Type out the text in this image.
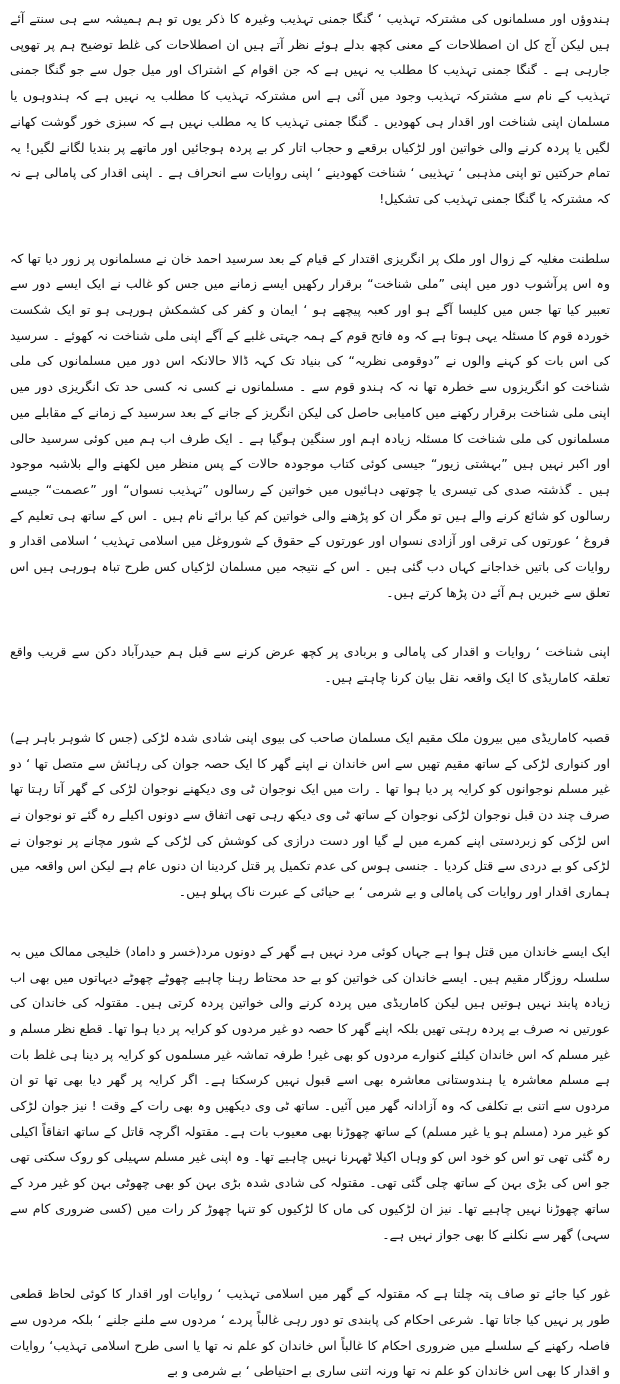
ہندوؤں اور مسلمانوں کی مشترکہ تہذیب ‘ گنگا جمنی تہذیب وغیرہ کا ذکر یوں تو ہم ہمیشہ سے ہی سنتے آئے ہیں لیکن آج کل ان اصطلاحات کے معنی کچھ بدلے ہوئے نظر آتے ہیں ان اصطلاحات کی غلط توضیح ہم پر تھوپی جارہی ہے ۔ گنگا جمنی تہذیب کا مطلب یہ نہیں ہے کہ جن اقوام کے اشتراک اور میل جول سے جو گنگا جمنی تہذیب کے نام سے مشترکہ تہذیب وجود میں آئی ہے اس مشترکہ تہذیب کا مطلب یہ نہیں ہے کہ ہندوہوں یا مسلمان اپنی شناخت اور اقدار ہی کھودیں ۔ گنگا جمنی تہذیب کا یہ مطلب نہیں ہے کہ سبزی خور گوشت کھانے لگیں یا پردہ کرنے والی خواتین اور لڑکیاں برقعے و حجاب اتار کر بے پردہ ہوجائیں اور ماتھے پر بندیا لگانے لگیں! یہ تمام حرکتیں تو اپنی مذہبی ‘ تہذیبی ‘ شناخت کھودینے ‘ اپنی روایات سے انحراف ہے ۔ اپنی اقدار کی پامالی ہے نہ کہ مشترکہ یا گنگا جمنی تہذیب کی تشکیل!

سلطنت مغلیہ کے زوال اور ملک پر انگریزی اقتدار کے قیام کے بعد سرسید احمد خان نے مسلمانوں پر زور دیا تھا کہ وہ اس پرآشوب دور میں اپنی ”ملی شناخت“ برقرار رکھیں ایسے زمانے میں جس کو غالب نے ایک ایسے دور سے تعبیر کیا تھا جس میں کلیسا آگے ہو اور کعبہ پیچھے ہو ‘ ایمان و کفر کی کشمکش ہورہی ہو تو ایک شکست خوردہ قوم کا مسئلہ یہی ہوتا ہے کہ وہ فاتح قوم کے ہمہ جہتی غلبے کے آگے اپنی ملی شناخت نہ کھوئے ۔ سرسید کی اس بات کو کہنے والوں نے ”دوقومی نظریہ“ کی بنیاد تک کہہ ڈالا حالانکہ اس دور میں مسلمانوں کی ملی شناخت کو انگریزوں سے خطرہ تھا نہ کہ ہندو قوم سے ۔ مسلمانوں نے کسی نہ کسی حد تک انگریزی دور میں اپنی ملی شناخت برقرار رکھنے میں کامیابی حاصل کی لیکن انگریز کے جانے کے بعد سرسید کے زمانے کے مقابلے میں مسلمانوں کی ملی شناخت کا مسئلہ زیادہ اہم اور سنگین ہوگیا ہے ۔ ایک طرف اب ہم میں کوئی سرسید حالی اور اکبر نہیں ہیں ”بہشتی زیور“ جیسی کوئی کتاب موجودہ حالات کے پس منظر میں لکھنے والے بلاشبہ موجود ہیں ۔ گذشتہ صدی کی تیسری یا چوتھی دہائیوں میں خواتین کے رسالوں ”تہذیب نسواں“ اور ”عصمت“ جیسے رسالوں کو شائع کرنے والے ہیں تو مگر ان کو پڑھنے والی خواتین کم کیا برائے نام ہیں ۔ اس کے ساتھ ہی تعلیم کے فروغ ‘ عورتوں کی ترقی اور آزادی نسواں اور عورتوں کے حقوق کے شوروغل میں اسلامی تہذیب ‘ اسلامی اقدار و روایات کی باتیں خداجانے کہاں دب گئی ہیں ۔ اس کے نتیجہ میں مسلمان لڑکیاں کس طرح تباہ ہورہی ہیں اس تعلق سے خبریں ہم آئے دن پڑھا کرتے ہیں۔

اپنی شناخت ‘ روایات و اقدار کی پامالی و بربادی پر کچھ عرض کرنے سے قبل ہم حیدرآباد دکن سے قریب واقع تعلقہ کاماریڈی کا ایک واقعہ نقل بیان کرنا چاہتے ہیں۔

قصبہ کاماریڈی میں بیرون ملک مقیم ایک مسلمان صاحب کی بیوی اپنی شادی شدہ لڑکی (جس کا شوہر باہر ہے) اور کنواری لڑکی کے ساتھ مقیم تھیں سے اس خاندان نے اپنے گھر کا ایک حصہ جوان کی رہائش سے متصل تھا ‘ دو غیر مسلم نوجوانوں کو کرایہ پر دیا ہوا تھا ۔ رات میں ایک نوجوان ٹی وی دیکھنے نوجوان لڑکی کے گھر آتا رہتا تھا صرف چند دن قبل نوجوان لڑکی نوجوان کے ساتھ ٹی وی دیکھ رہی تھی اتفاق سے دونوں اکیلے رہ گئے تو نوجوان نے اس لڑکی کو زبردستی اپنے کمرے میں لے گیا اور دست درازی کی کوشش کی لڑکی کے شور مچانے پر نوجوان نے لڑکی کو بے دردی سے قتل کردیا ۔ جنسی ہوس کی عدم تکمیل پر قتل کردینا ان دنوں عام ہے لیکن اس واقعہ میں ہماری اقدار اور روایات کی پامالی و بے شرمی ‘ بے حیائی کے عبرت ناک پہلو ہیں۔

ایک ایسے خاندان میں قتل ہوا ہے جہاں کوئی مرد نہیں ہے گھر کے دونوں مرد(خسر و داماد) خلیجی ممالک میں بہ سلسلہ روزگار مقیم ہیں۔ ایسے خاندان کی خواتین کو بے حد محتاط رہنا چاہیے چھوٹے چھوٹے دیہاتوں میں بھی اب زیادہ پابند نہیں ہوتیں ہیں لیکن کاماریڈی میں پردہ کرنے والی خواتین پردہ کرتی ہیں۔ مقتولہ کی خاندان کی عورتیں نہ صرف بے پردہ رہتی تھیں بلکہ اپنے گھر کا حصہ دو غیر مردوں کو کرایہ پر دیا ہوا تھا۔ قطع نظر مسلم و غیر مسلم کہ اس خاندان کیلئے کنوارے مردوں کو بھی غیر! طرفہ تماشہ غیر مسلموں کو کرایہ پر دینا ہی غلط بات ہے مسلم معاشرہ یا ہندوستانی معاشرہ بھی اسے قبول نہیں کرسکتا ہے۔ اگر کرایہ پر گھر دیا بھی تھا تو ان مردوں سے اتنی بے تکلفی کہ وہ آزادانہ گھر میں آئیں۔ ساتھ ٹی وی دیکھیں وہ بھی رات کے وقت ! نیز جوان لڑکی کو غیر مرد (مسلم ہو یا غیر مسلم) کے ساتھ چھوڑنا بھی معیوب بات ہے۔ مقتولہ اگرچہ قاتل کے ساتھ اتفاقاً اکیلی رہ گئی تھی تو اس کو خود اس کو وہاں اکیلا ٹھہرنا نہیں چاہیے تھا۔ وہ اپنی غیر مسلم سہیلی کو روک سکتی تھی جو اس کی بڑی بہن کے ساتھ چلی گئی تھی۔ مقتولہ کی شادی شدہ بڑی بہن کو بھی چھوٹی بہن کو غیر مرد کے ساتھ چھوڑنا نہیں چاہیے تھا۔ نیز ان لڑکیوں کی ماں کا لڑکیوں کو تنہا چھوڑ کر رات میں (کسی ضروری کام سے سہی) گھر سے نکلنے کا بھی جواز نہیں ہے۔

غور کیا جائے تو صاف پتہ چلتا ہے کہ مقتولہ کے گھر میں اسلامی تہذیب ‘ روایات اور اقدار کا کوئی لحاظ قطعی طور پر نہیں کیا جاتا تھا۔ شرعی احکام کی پابندی تو دور رہی غالباً پردے ‘ مردوں سے ملنے جلنے ‘ بلکہ مردوں سے فاصلہ رکھنے کے سلسلے میں ضروری احکام کا غالباً اس خاندان کو علم نہ تھا یا اسی طرح اسلامی تہذیب‘ روایات و اقدار کا بھی اس خاندان کو علم نہ تھا ورنہ اتنی ساری بے احتیاطی ‘ بے شرمی و بے
